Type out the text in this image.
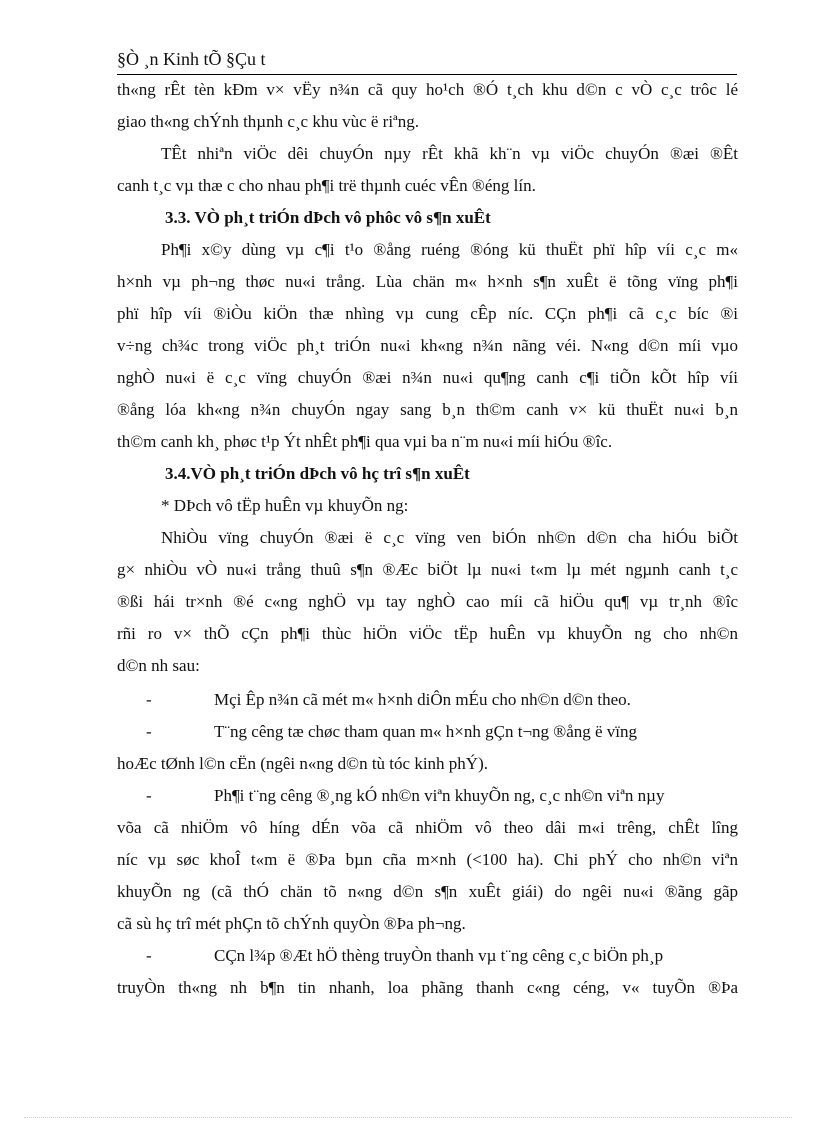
§Ò ¸n Kinh tÕ §Çu t
th«ng rÊt tèn kÐm v× vËy n¾n cã quy ho¹ch ®Ó t¸ch khu d©n c vÒ c¸c trôc lé
giao th«ng chÝnh thµnh c¸c khu vùc ë riªng.
TÊt nhiªn viÖc dêi chuyÓn nµy rÊt khã kh¨n vµ viÖc chuyÓn ®æi ®Êt
canh t¸c vµ thæ c cho nhau ph¶i trë thµnh cuéc vÊn ®éng lín.
3.3. VÒ ph¸t triÓn dÞch vô phôc vô s¶n xuÊt
Ph¶i x©y dùng vµ c¶i t¹o ®ång ruéng ®óng kü thuËt phï hîp víi c¸c m«
h×nh vµ ph¬ng thøc nu«i trång. Lùa chän m« h×nh s¶n xuÊt ë tõng vïng ph¶i
phï hîp víi ®iÒu kiÖn thæ nhìng vµ cung cÊp níc. CÇn ph¶i cã c¸c bíc ®i
v÷ng ch¾c trong viÖc ph¸t triÓn nu«i kh«ng n¾n nãng véi. N«ng d©n míi vµo
nghÒ nu«i ë c¸c vïng chuyÓn ®æi n¾n nu«i qu¶ng canh c¶i tiÕn kÕt hîp víi
®ång lóa kh«ng n¾n chuyÓn ngay sang b¸n th©m canh v× kü thuËt nu«i b¸n
th©m canh kh¸ phøc t¹p Ýt nhÊt ph¶i qua vµi ba n¨m nu«i míi hiÓu ®îc.
3.4.VÒ ph¸t triÓn dÞch vô hç trî s¶n xuÊt
* DÞch vô tËp huÊn vµ khuyÕn ng:
NhiÒu vïng chuyÓn ®æi ë c¸c vïng ven biÓn nh©n d©n cha hiÓu biÕt
g× nhiÒu vÒ nu«i trång thuû s¶n ®Æc biÖt lµ nu«i t«m lµ mét ngµnh canh t¸c
®ßi hái tr×nh ®é c«ng nghÖ vµ tay nghÒ cao míi cã hiÖu qu¶ vµ tr¸nh ®îc
rñi ro v× thÕ cÇn ph¶i thùc hiÖn viÖc tËp huÊn vµ khuyÕn ng cho nh©n
d©n nh sau:
-	Mçi Êp n¾n cã mét m« h×nh diÔn mÉu cho nh©n d©n theo.
-	T¨ng cêng tæ chøc tham quan m« h×nh gÇn t¬ng ®ång ë vïng
hoÆc tØnh l©n cËn (ngêi n«ng d©n tù tóc kinh phÝ).
-	Ph¶i t¨ng cêng ®¸ng kÓ nh©n viªn khuyÕn ng, c¸c nh©n viªn nµy
võa cã nhiÖm vô híng dÉn võa cã nhiÖm vô theo dâi m«i trêng, chÊt lîng
níc vµ søc khoÎ t«m ë ®Þa bµn cña m×nh (<100 ha). Chi phÝ cho nh©n viªn
khuyÕn ng (cã thÓ chän tõ n«ng d©n s¶n xuÊt giái) do ngêi nu«i ®ãng gãp
cã sù hç trî mét phÇn tõ chÝnh quyÒn ®Þa ph¬ng.
-	CÇn l¾p ®Æt hÖ thèng truyÒn thanh vµ t¨ng cêng c¸c biÖn ph¸p
truyÒn th«ng nh b¶n tin nhanh, loa phãng thanh c«ng céng, v« tuyÕn ®Þa
